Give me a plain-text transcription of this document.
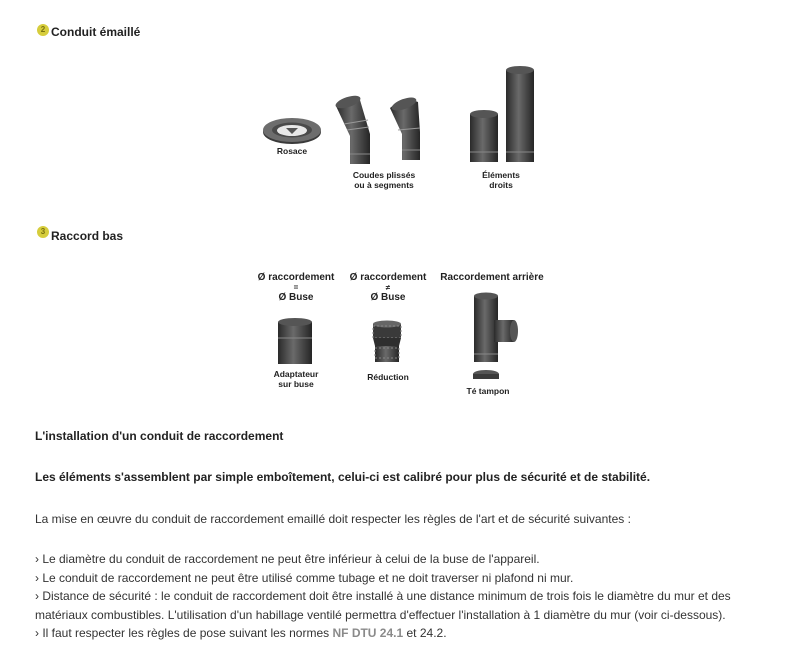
2 Conduit émaillé
Rosace
Coudes plissés
ou à segments
Éléments
droits
3 Raccord bas
Ø raccordement
=
Ø Buse
Adaptateur
sur buse
Ø raccordement
≠
Ø Buse
Réduction
Raccordement arrière
Té tampon
L'installation d'un conduit de raccordement
Les éléments s'assemblent par simple emboîtement, celui-ci est calibré pour plus de sécurité et de stabilité.
La mise en œuvre du conduit de raccordement emaillé doit respecter les règles de l'art et de sécurité suivantes :
› Le diamètre du conduit de raccordement ne peut être inférieur à celui de la buse de l'appareil.
› Le conduit de raccordement ne peut être utilisé comme tubage et ne doit traverser ni plafond ni mur.
› Distance de sécurité : le conduit de raccordement doit être installé à une distance minimum de trois fois le diamètre du mur et des
matériaux combustibles. L'utilisation d'un habillage ventilé permettra d'effectuer l'installation à 1 diamètre du mur (voir ci-dessous).
› Il faut respecter les règles de pose suivant les normes NF DTU 24.1 et 24.2.
